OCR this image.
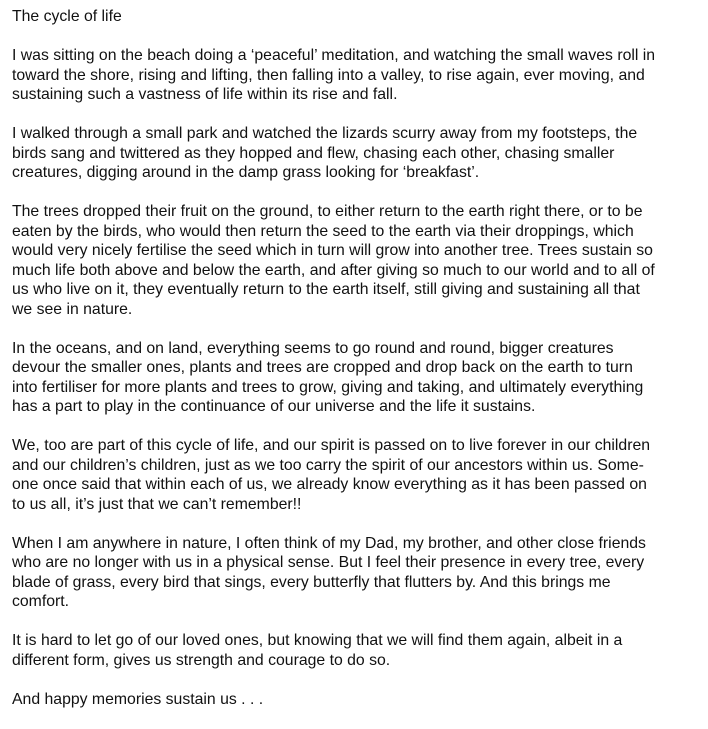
The cycle of life

I was sitting on the beach doing a ‘peaceful’ meditation, and watching the small waves roll in
toward the shore, rising and lifting, then falling into a valley, to rise again, ever moving, and
sustaining such a vastness of life within its rise and fall.

I walked through a small park and watched the lizards scurry away from my footsteps, the
birds sang and twittered as they hopped and flew, chasing each other, chasing smaller
creatures, digging around in the damp grass looking for ‘breakfast’.

The trees dropped their fruit on the ground, to either return to the earth right there, or to be
eaten by the birds, who would then return the seed to the earth via their droppings, which
would very nicely fertilise the seed which in turn will grow into another tree. Trees sustain so
much life both above and below the earth, and after giving so much to our world and to all of
us who live on it, they eventually return to the earth itself, still giving and sustaining all that
we see in nature.

In the oceans, and on land, everything seems to go round and round, bigger creatures
devour the smaller ones, plants and trees are cropped and drop back on the earth to turn
into fertiliser for more plants and trees to grow, giving and taking, and ultimately everything
has a part to play in the continuance of our universe and the life it sustains.

We, too are part of this cycle of life, and our spirit is passed on to live forever in our children
and our children’s children, just as we too carry the spirit of our ancestors within us. Some-
one once said that within each of us, we already know everything as it has been passed on
to us all, it’s just that we can’t remember!!

When I am anywhere in nature, I often think of my Dad, my brother, and other close friends
who are no longer with us in a physical sense. But I feel their presence in every tree, every
blade of grass, every bird that sings, every butterfly that flutters by. And this brings me
comfort.

It is hard to let go of our loved ones, but knowing that we will find them again, albeit in a
different form, gives us strength and courage to do so.

And happy memories sustain us . . .
